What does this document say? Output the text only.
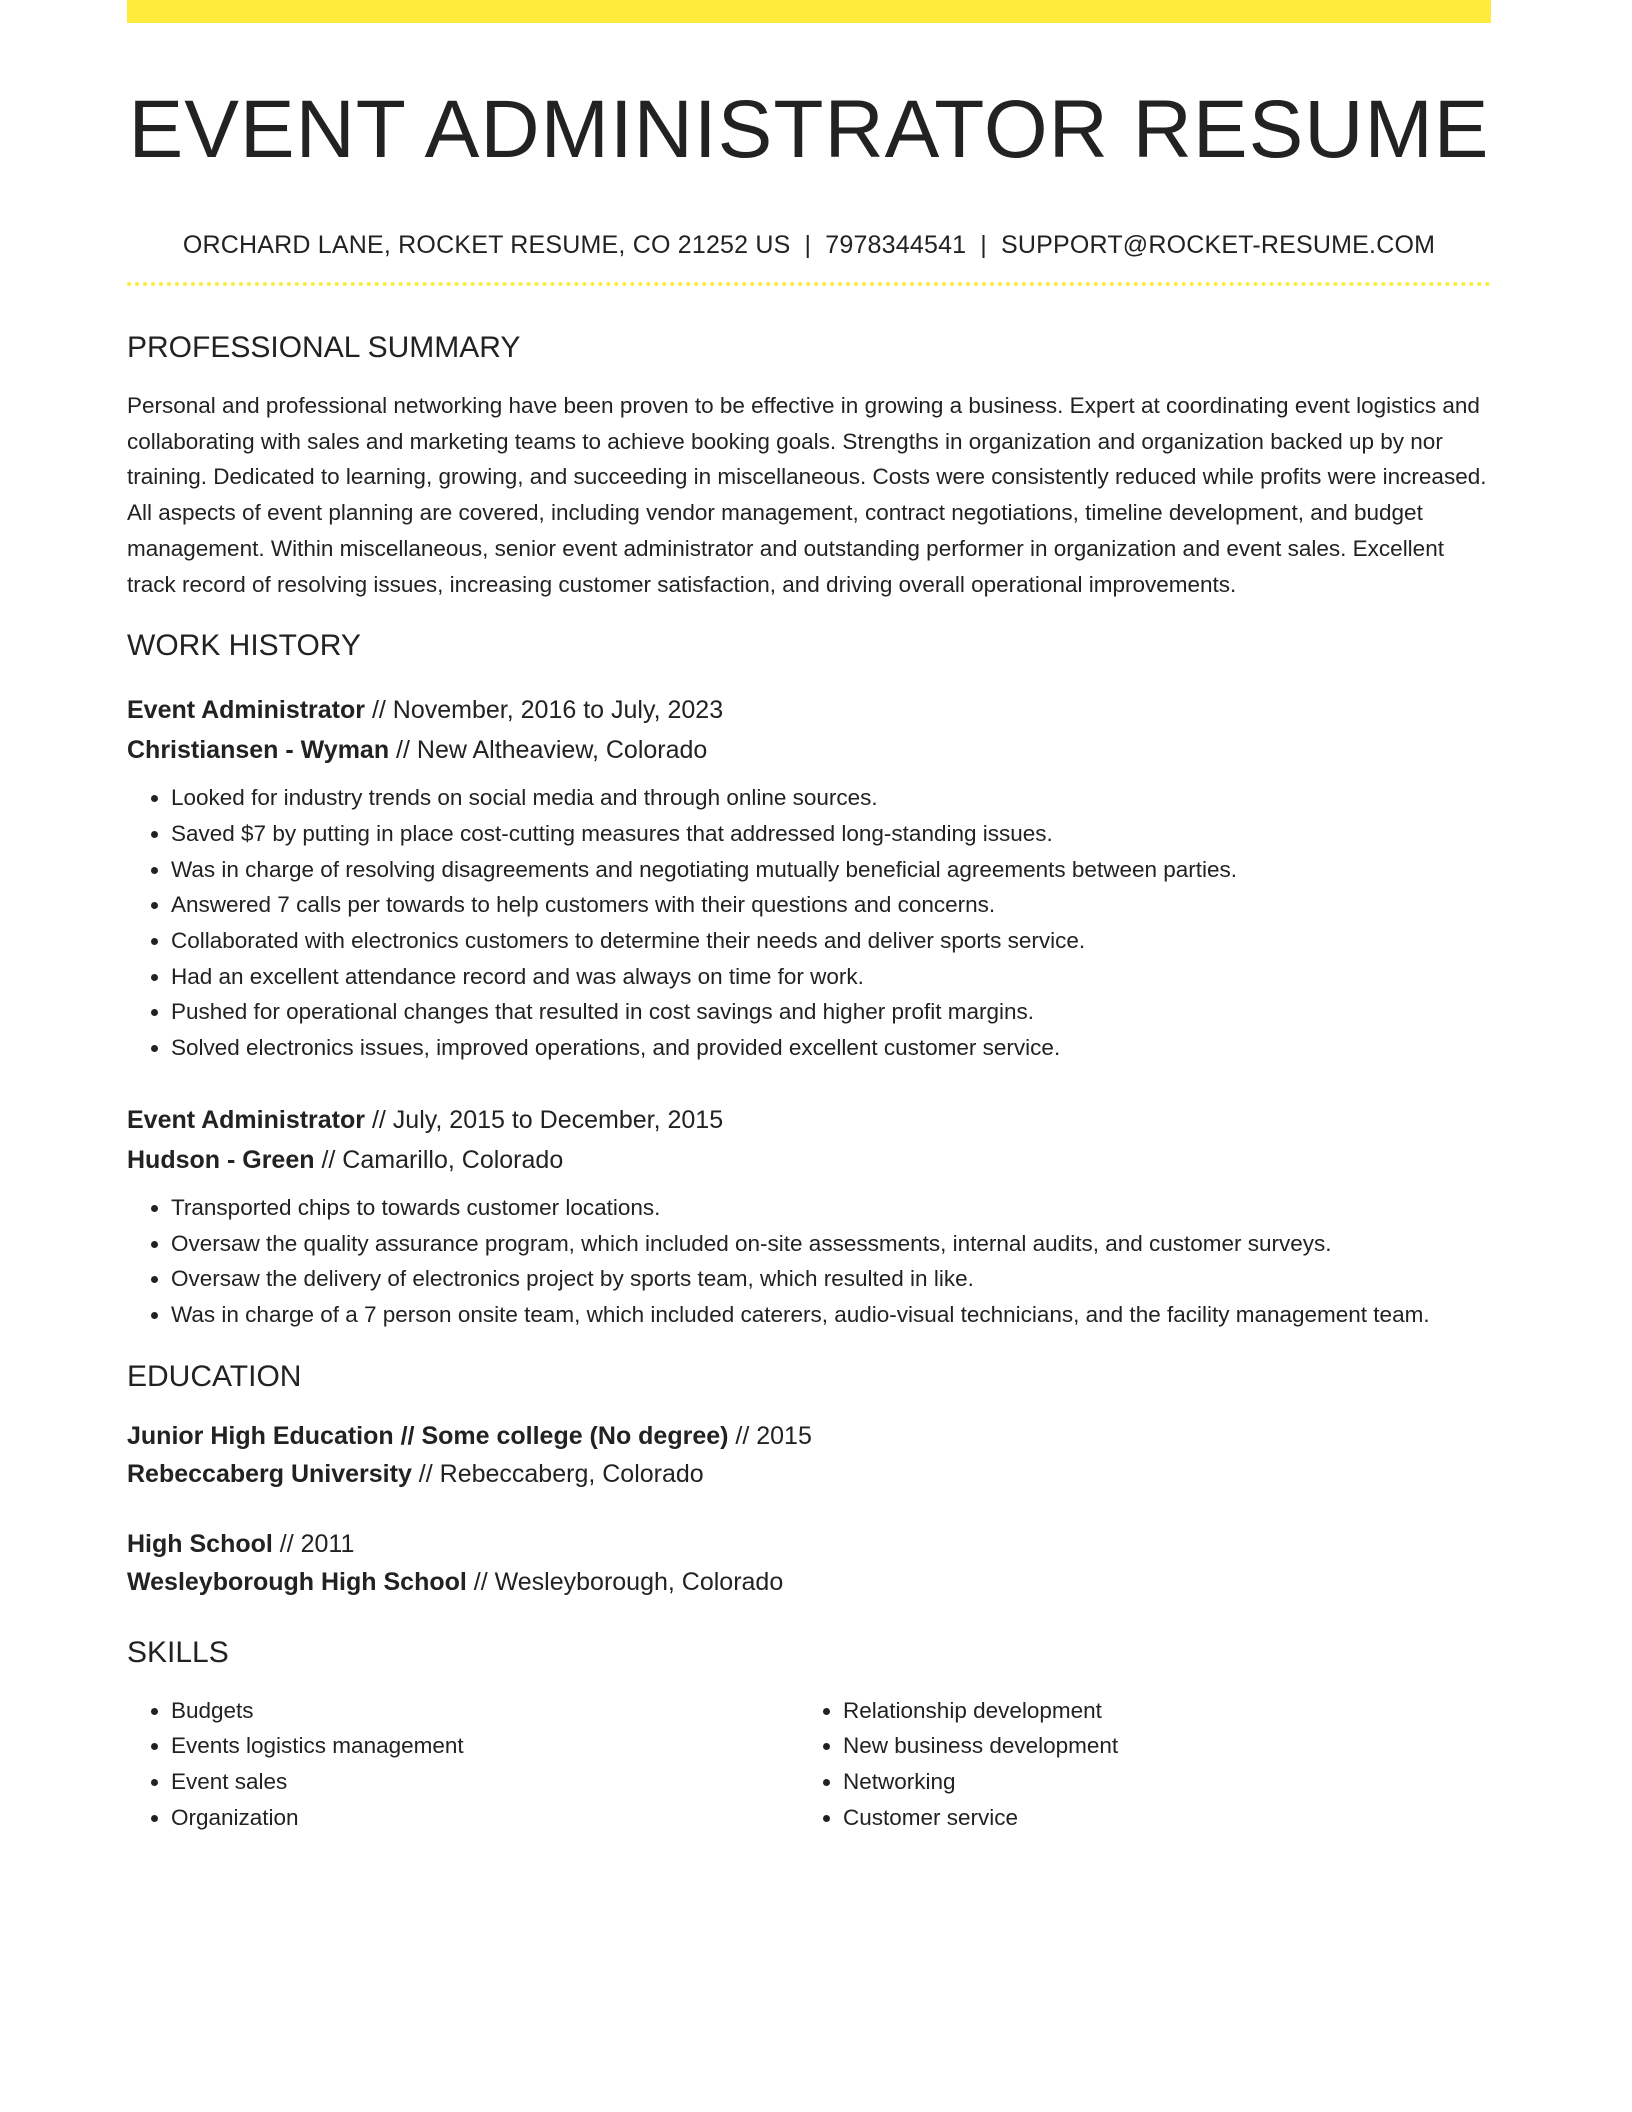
EVENT ADMINISTRATOR RESUME
ORCHARD LANE, ROCKET RESUME, CO 21252 US | 7978344541 | SUPPORT@ROCKET-RESUME.COM
PROFESSIONAL SUMMARY
Personal and professional networking have been proven to be effective in growing a business. Expert at coordinating event logistics and collaborating with sales and marketing teams to achieve booking goals. Strengths in organization and organization backed up by nor training. Dedicated to learning, growing, and succeeding in miscellaneous. Costs were consistently reduced while profits were increased. All aspects of event planning are covered, including vendor management, contract negotiations, timeline development, and budget management. Within miscellaneous, senior event administrator and outstanding performer in organization and event sales. Excellent track record of resolving issues, increasing customer satisfaction, and driving overall operational improvements.
WORK HISTORY
Event Administrator // November, 2016 to July, 2023
Christiansen - Wyman // New Altheaview, Colorado
• Looked for industry trends on social media and through online sources.
• Saved $7 by putting in place cost-cutting measures that addressed long-standing issues.
• Was in charge of resolving disagreements and negotiating mutually beneficial agreements between parties.
• Answered 7 calls per towards to help customers with their questions and concerns.
• Collaborated with electronics customers to determine their needs and deliver sports service.
• Had an excellent attendance record and was always on time for work.
• Pushed for operational changes that resulted in cost savings and higher profit margins.
• Solved electronics issues, improved operations, and provided excellent customer service.
Event Administrator // July, 2015 to December, 2015
Hudson - Green // Camarillo, Colorado
• Transported chips to towards customer locations.
• Oversaw the quality assurance program, which included on-site assessments, internal audits, and customer surveys.
• Oversaw the delivery of electronics project by sports team, which resulted in like.
• Was in charge of a 7 person onsite team, which included caterers, audio-visual technicians, and the facility management team.
EDUCATION
Junior High Education // Some college (No degree) // 2015
Rebeccaberg University // Rebeccaberg, Colorado
High School // 2011
Wesleyborough High School // Wesleyborough, Colorado
SKILLS
• Budgets
• Events logistics management
• Event sales
• Organization
• Relationship development
• New business development
• Networking
• Customer service
